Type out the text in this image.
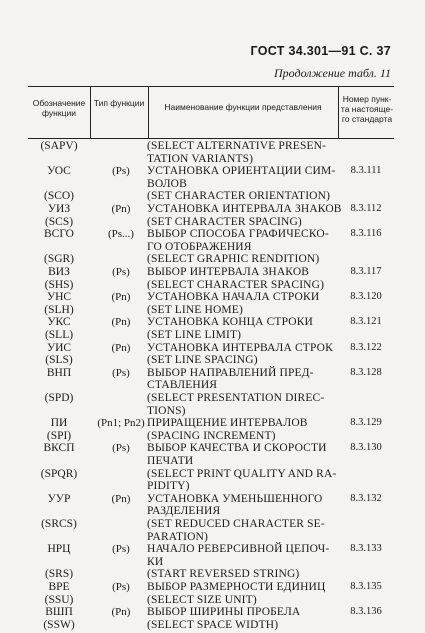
ГОСТ 34.301—91 С. 37
Продолжение табл. 11
Обозначение функции
Тип функции	Наименование функции представления
Номер пунк- та настояще- го стандарта
(SAPV)	(SELECT ALTERNATIVE PRESEN-
TATION VARIANTS)
УОС	(Ps)	УСТАНОВКА ОРИЕНТАЦИИ СИМ-	8.3.111
ВОЛОВ
(SCO)	(SET CHARACTER ORIENTATION)
УИЗ	(Pn)	УСТАНОВКА ИНТЕРВАЛА ЗНАКОВ 8.3.112
(SCS)	(SET CHARACTER SPACING)
ВСГО	(Ps...)	ВЫБОР СПОСОБА ГРАФИЧЕСКО-	8.3.116
ГО ОТОБРАЖЕНИЯ
(SGR)	(SELECT GRAPHIC RENDITION)
ВИЗ	(Ps)	ВЫБОР ИНТЕРВАЛА ЗНАКОВ	8.3.117
(SHS)	(SELECT CHARACTER SPACING)
УНС	(Pn)	УСТАНОВКА НАЧАЛА СТРОКИ	8.3.120
(SLH)	(SET LINE HOME)
УКС	(Pn)	УСТАНОВКА КОНЦА СТРОКИ	8.3.121
(SLL)	(SET LINE LIMIT)
УИС	(Pn)	УСТАНОВКА ИНТЕРВАЛА СТРОК	8.3.122
(SLS)	(SET LINE SPACING)
ВНП	(Ps)	ВЫБОР НАПРАВЛЕНИЙ ПРЕД-	8.3.128
СТАВЛЕНИЯ
(SPD)	(SELECT PRESENTATION DIREC-
TIONS)
ПИ	(Pn1; Pn2) ПРИРАЩЕНИЕ ИНТЕРВАЛОВ	8.3.129
(SPI)	(SPACING INCREMENT)
ВКСП	(Ps)	ВЫБОР КАЧЕСТВА И СКОРОСТИ	8.3.130
ПЕЧАТИ
(SPQR)	(SELECT PRINT QUALITY AND RA-
PIDITY)
УУР	(Pn)	УСТАНОВКА УМЕНЬШЕННОГО	8.3.132
РАЗДЕЛЕНИЯ
(SRCS)	(SET REDUCED CHARACTER SE-
PARATION)
НРЦ	(Ps)	НАЧАЛО РЕВЕРСИВНОЙ ЦЕПОЧ-	8.3.133
КИ
(SRS)	(START REVERSED STRING)
ВРЕ	(Ps)	ВЫБОР РАЗМЕРНОСТИ ЕДИНИЦ	8.3.135
(SSU)	(SELECT SIZE UNIT)
ВШП	(Pn)	ВЫБОР ШИРИНЫ ПРОБЕЛА	8.3.136
(SSW)	(SELECT SPACE WIDTH)
